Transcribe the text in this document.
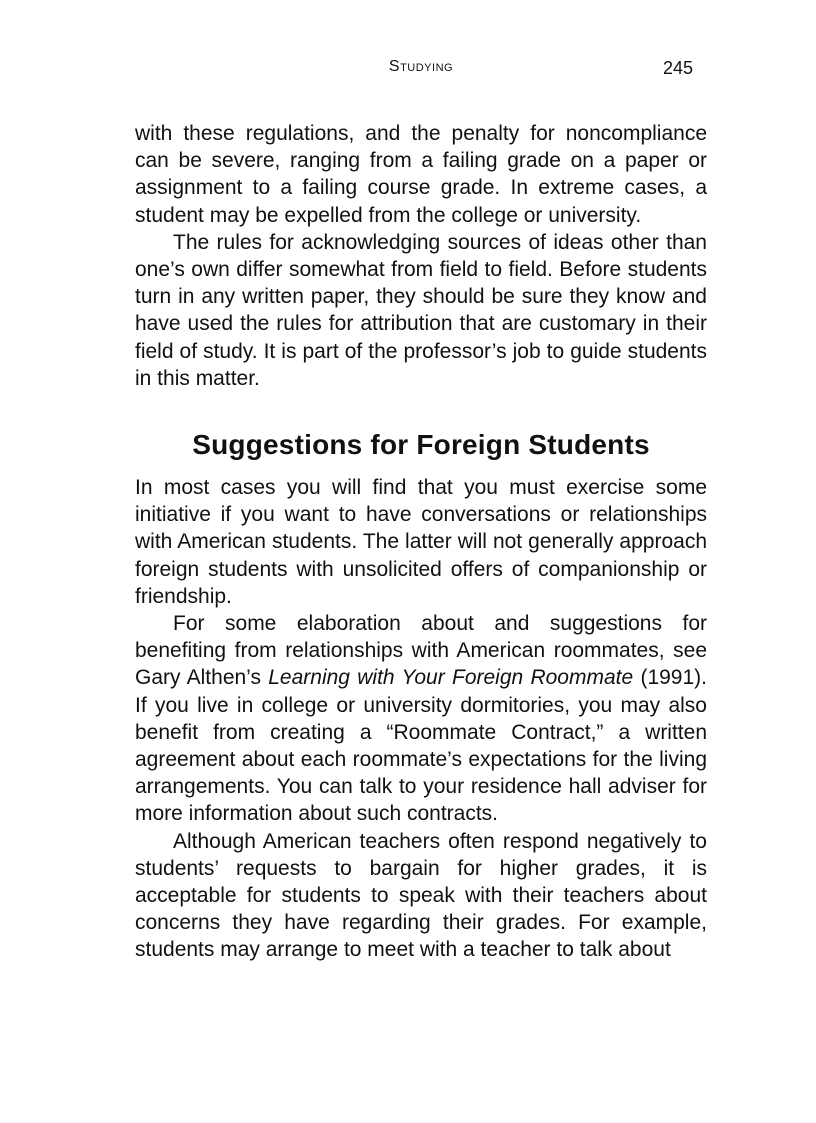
Studying	245

with these regulations, and the penalty for noncompliance can be severe, ranging from a failing grade on a paper or assignment to a failing course grade. In extreme cases, a student may be expelled from the college or university.

The rules for acknowledging sources of ideas other than one’s own differ somewhat from field to field. Before students turn in any written paper, they should be sure they know and have used the rules for attribution that are customary in their field of study. It is part of the professor’s job to guide students in this matter.

Suggestions for Foreign Students

In most cases you will find that you must exercise some initiative if you want to have conversations or relationships with American students. The latter will not generally approach foreign students with unsolicited offers of companionship or friendship.

For some elaboration about and suggestions for benefiting from relationships with American roommates, see Gary Althen’s Learning with Your Foreign Roommate (1991). If you live in college or university dormitories, you may also benefit from creating a “Roommate Contract,” a written agreement about each roommate’s expectations for the living arrangements. You can talk to your residence hall adviser for more information about such contracts.

Although American teachers often respond negatively to students’ requests to bargain for higher grades, it is acceptable for students to speak with their teachers about concerns they have regarding their grades. For example, students may arrange to meet with a teacher to talk about
